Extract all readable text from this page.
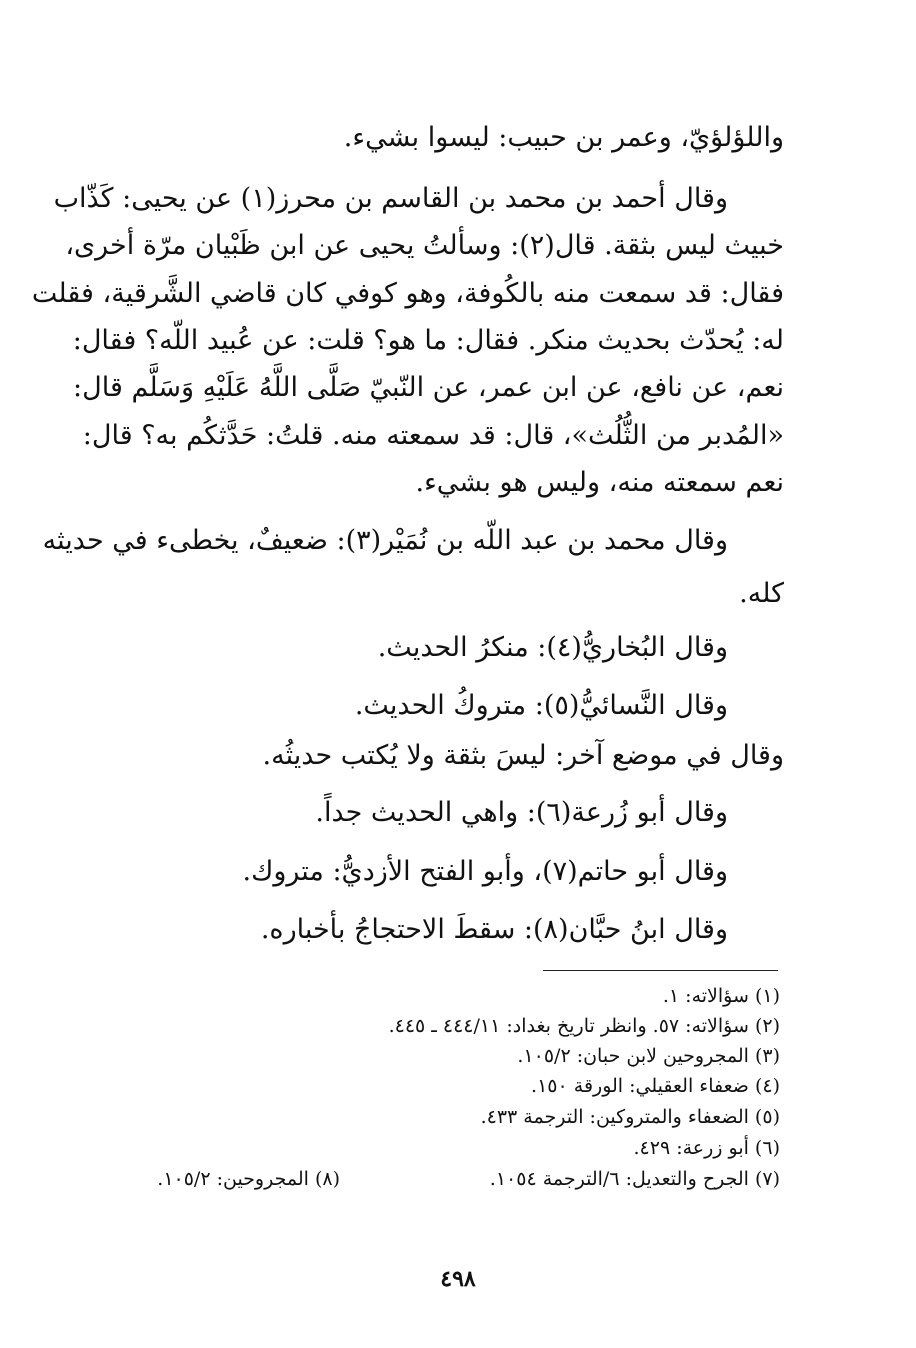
واللؤلؤيّ، وعمر بن حبيب: ليسوا بشيء.
وقال أحمد بن محمد بن القاسم بن محرز(١) عن يحيى: كَذّاب
خبيث ليس بثقة. قال(٢): وسألتُ يحيى عن ابن ظَبْيان مرّة أخرى،
فقال: قد سمعت منه بالكُوفة، وهو كوفي كان قاضي الشَّرقية، فقلت
له: يُحدّث بحديث منكر. فقال: ما هو؟ قلت: عن عُبيد اللّه؟ فقال:
نعم، عن نافع، عن ابن عمر، عن النّبيّ صَلَّى اللَّهُ عَلَيْهِ وَسَلَّم قال:
«المُدبر من الثُّلُث»، قال: قد سمعته منه. قلتُ: حَدَّثكُم به؟ قال:
نعم سمعته منه، وليس هو بشيء.
وقال محمد بن عبد اللّه بن نُمَيْر(٣): ضعيفٌ، يخطىء في حديثه
كله.
وقال البُخاريُّ(٤): منكرُ الحديث.
وقال النَّسائيُّ(٥): متروكُ الحديث.
وقال في موضع آخر: ليسَ بثقة ولا يُكتب حديثُه.
وقال أبو زُرعة(٦): واهي الحديث جداً.
وقال أبو حاتم(٧)، وأبو الفتح الأزديُّ: متروك.
وقال ابنُ حبَّان(٨): سقطَ الاحتجاجُ بأخباره.
(١) سؤالاته: ١.
(٢) سؤالاته: ٥٧. وانظر تاريخ بغداد: ٤٤٤/١١ ـ ٤٤٥.
(٣) المجروحين لابن حبان: ١٠٥/٢.
(٤) ضعفاء العقيلي: الورقة ١٥٠.
(٥) الضعفاء والمتروكين: الترجمة ٤٣٣.
(٦) أبو زرعة: ٤٢٩.
(٧) الجرح والتعديل: ٦/الترجمة ١٠٥٤.
(٨) المجروحين: ١٠٥/٢.
٤٩٨
